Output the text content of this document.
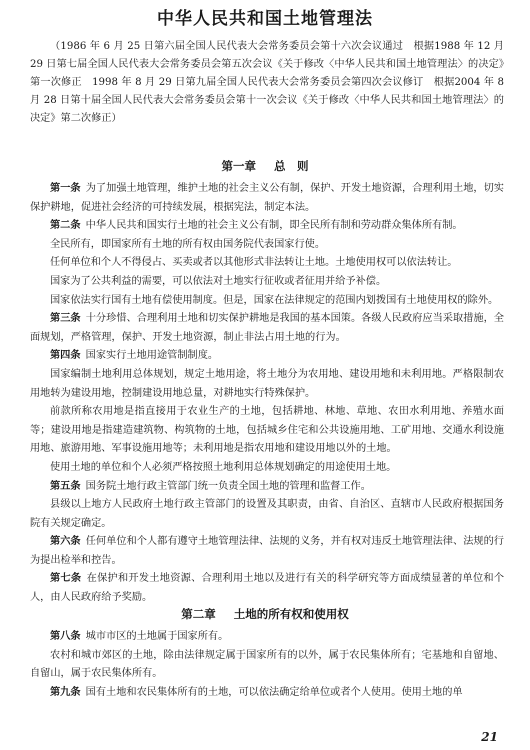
中华人民共和国土地管理法
（1986 年 6 月 25 日第六届全国人民代表大会常务委员会第十六次会议通过　根据1988 年 12 月 29 日第七届全国人民代表大会常务委员会第五次会议《关于修改〈中华人民共和国土地管理法〉的决定》第一次修正　1998 年 8 月 29 日第九届全国人民代表大会常务委员会第四次会议修订　根据2004 年 8 月 28 日第十届全国人民代表大会常务委员会第十一次会议《关于修改〈中华人民共和国土地管理法〉的决定》第二次修正）
第一章 总　则

第一条 为了加强土地管理，维护土地的社会主义公有制，保护、开发土地资源，合理利用土地，切实保护耕地，促进社会经济的可持续发展，根据宪法，制定本法。

第二条 中华人民共和国实行土地的社会主义公有制，即全民所有制和劳动群众集体所有制。

全民所有，即国家所有土地的所有权由国务院代表国家行使。

任何单位和个人不得侵占、买卖或者以其他形式非法转让土地。土地使用权可以依法转让。

国家为了公共利益的需要，可以依法对土地实行征收或者征用并给予补偿。

国家依法实行国有土地有偿使用制度。但是，国家在法律规定的范围内划拨国有土地使用权的除外。

第三条 十分珍惜、合理利用土地和切实保护耕地是我国的基本国策。各级人民政府应当采取措施，全面规划，严格管理，保护、开发土地资源，制止非法占用土地的行为。

第四条 国家实行土地用途管制制度。

国家编制土地利用总体规划，规定土地用途，将土地分为农用地、建设用地和未利用地。严格限制农用地转为建设用地，控制建设用地总量，对耕地实行特殊保护。

前款所称农用地是指直接用于农业生产的土地，包括耕地、林地、草地、农田水利用地、养殖水面等；建设用地是指建造建筑物、构筑物的土地，包括城乡住宅和公共设施用地、工矿用地、交通水利设施用地、旅游用地、军事设施用地等；未利用地是指农用地和建设用地以外的土地。

使用土地的单位和个人必须严格按照土地利用总体规划确定的用途使用土地。

第五条 国务院土地行政主管部门统一负责全国土地的管理和监督工作。

县级以上地方人民政府土地行政主管部门的设置及其职责，由省、自治区、直辖市人民政府根据国务院有关规定确定。

第六条 任何单位和个人都有遵守土地管理法律、法规的义务，并有权对违反土地管理法律、法规的行为提出检举和控告。

第七条 在保护和开发土地资源、合理利用土地以及进行有关的科学研究等方面成绩显著的单位和个人，由人民政府给予奖励。

第二章 土地的所有权和使用权

第八条 城市市区的土地属于国家所有。

农村和城市郊区的土地，除由法律规定属于国家所有的以外，属于农民集体所有；宅基地和自留地、自留山，属于农民集体所有。

第九条 国有土地和农民集体所有的土地，可以依法确定给单位或者个人使用。使用土地的单

21
